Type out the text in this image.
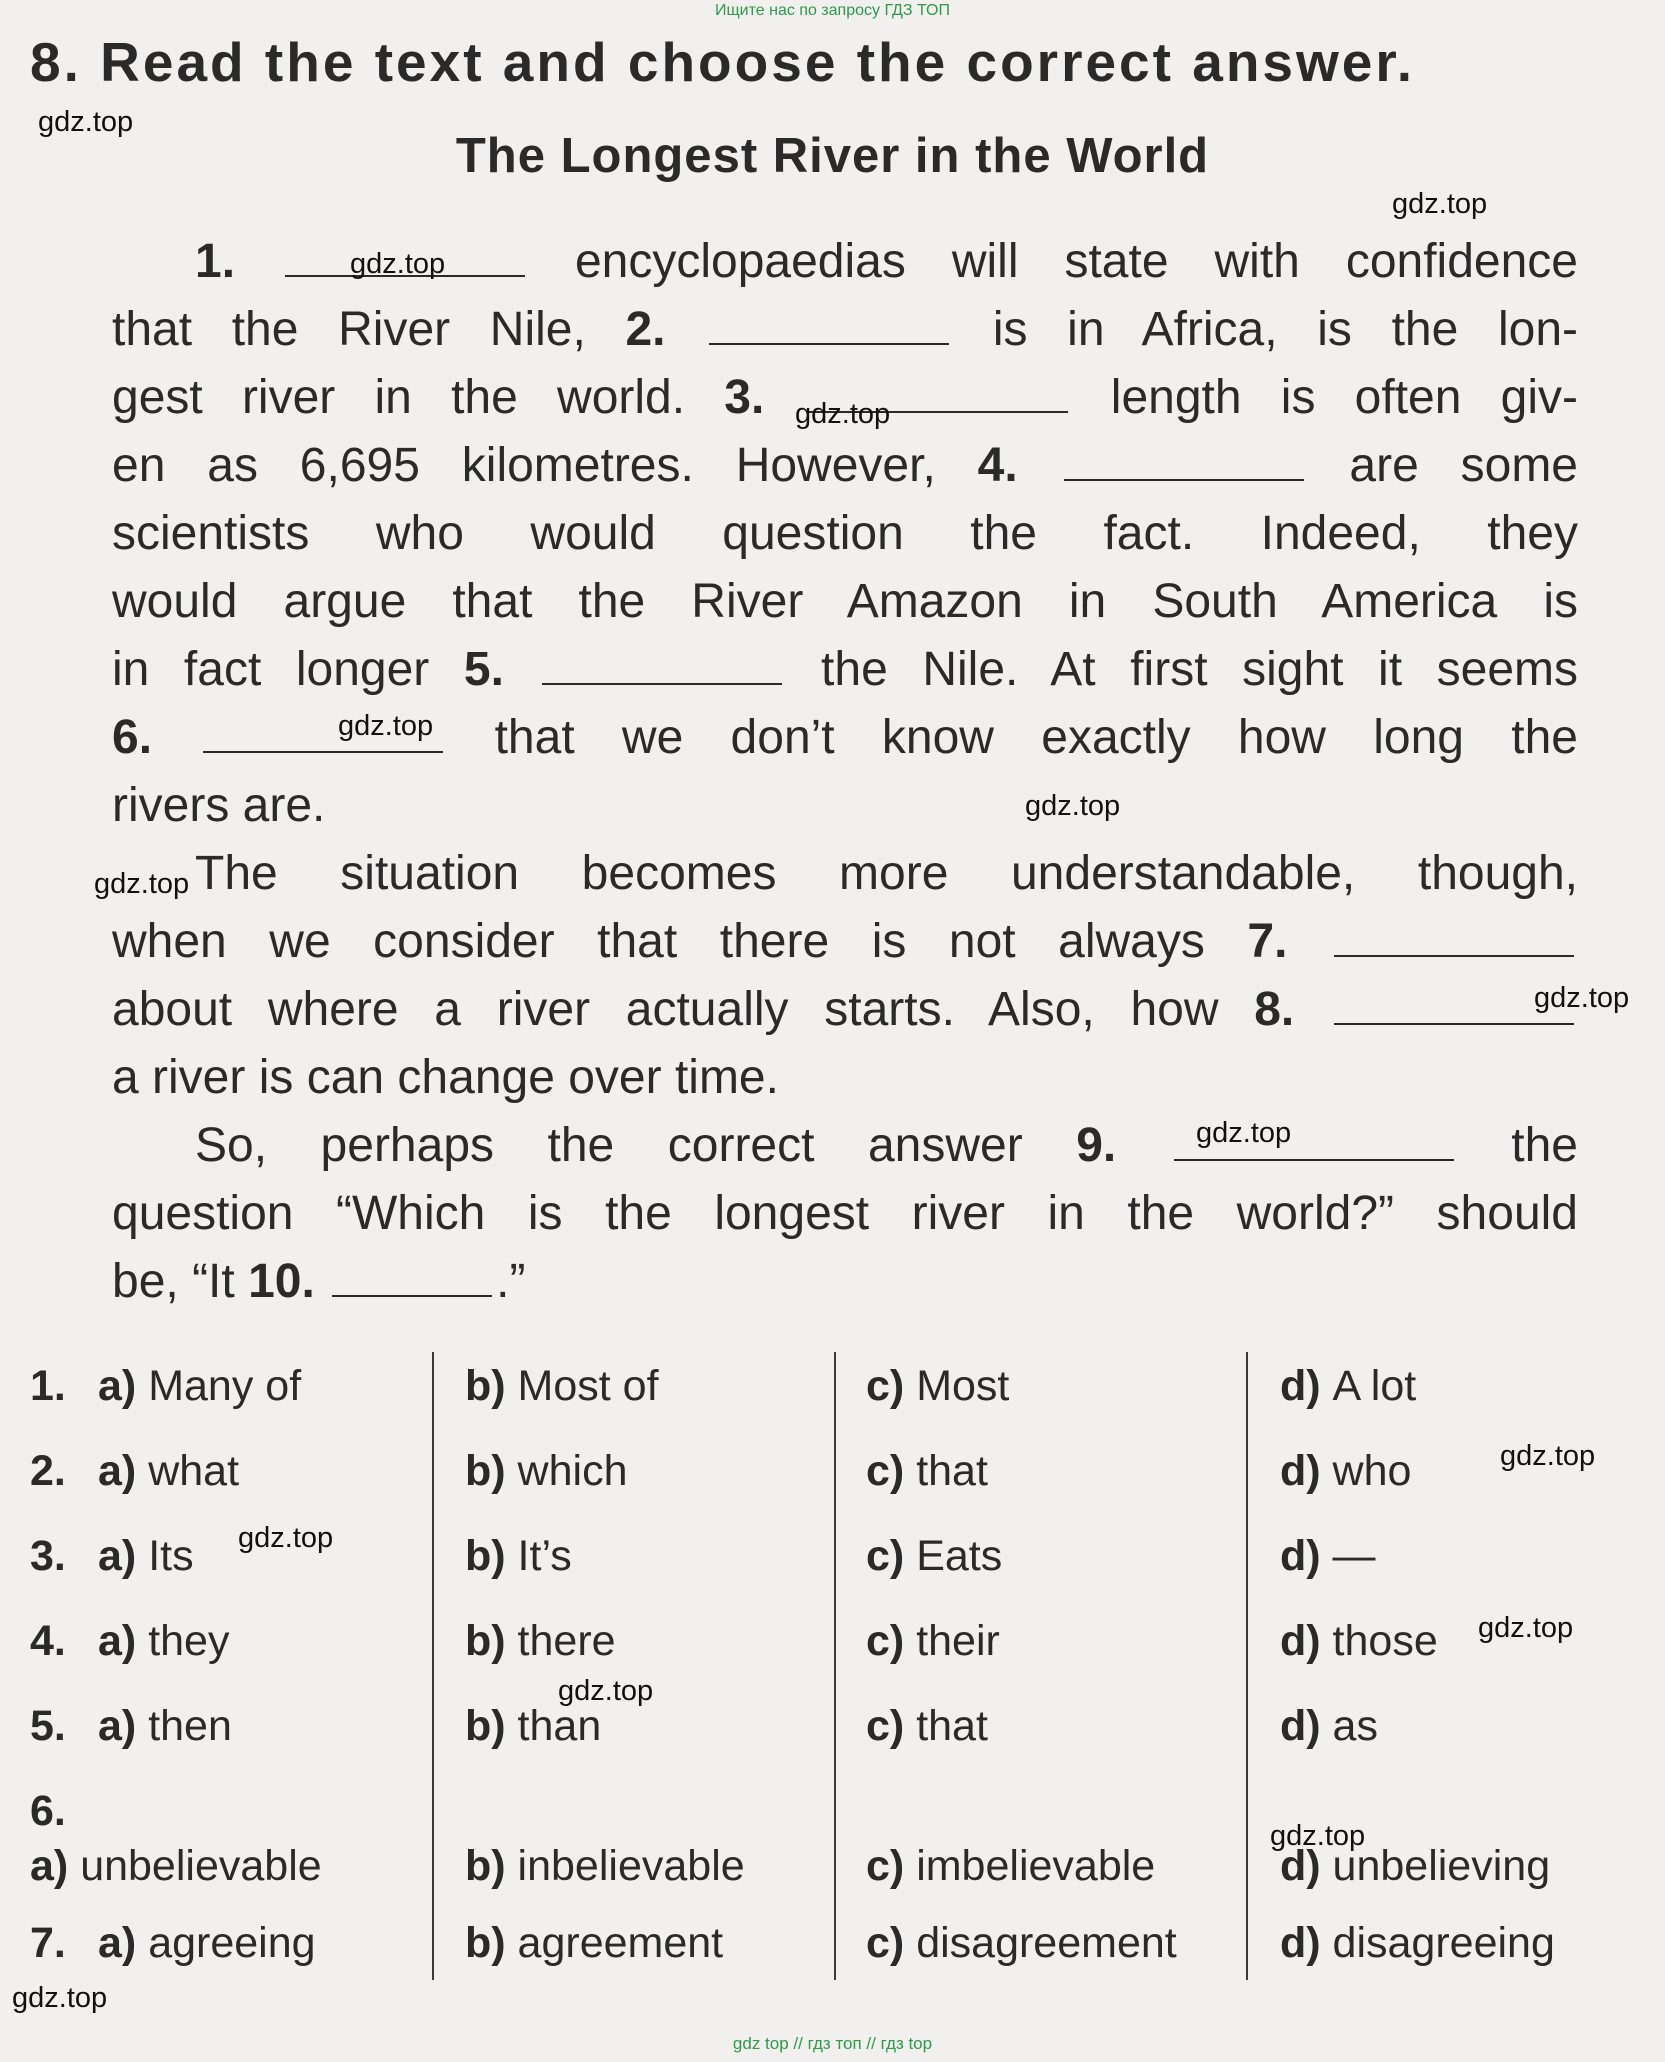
Ищите нас по запросу ГДЗ ТОП
8. Read the text and choose the correct answer.
The Longest River in the World
1.	encyclopaedias will state with confidence
that the River Nile, 2.	is in Africa, is the lon-
gest river in the world. 3.	length is often giv-
en as 6,695 kilometres. However, 4.	are some
scientists who would question the fact. Indeed, they
would argue that the River Amazon in South America is
in fact longer 5.	the Nile. At first sight it seems
6.	that we don’t know exactly how long the
rivers are.
The situation becomes more understandable, though,
when we consider that there is not always 7.
about where a river actually starts. Also, how 8.
a river is can change over time.
So, perhaps the correct answer 9.	the
question “Which is the longest river in the world?” should
be, “It 10.	.”
1. a) Many of	b) Most of	c) Most	d) A lot
2. a) what	b) which	c) that	d) who
3. a) Its	b) It’s	c) Eats	d) —
4. a) they	b) there	c) their	d) those
5. a) then	b) than	c) that	d) as
6.
a) unbelievable	b) inbelievable	c) imbelievable	d) unbelieving
7. a) agreeing	b) agreement	c) disagreement d) disagreeing
gdz.top
gdz.top
gdz.top
gdz.top
gdz.top
gdz.top
gdz.top
gdz.top
gdz.top
gdz.top
gdz.top
gdz.top
gdz.top
gdz.top
gdz.top
gdz top // гдз топ // гдз top
